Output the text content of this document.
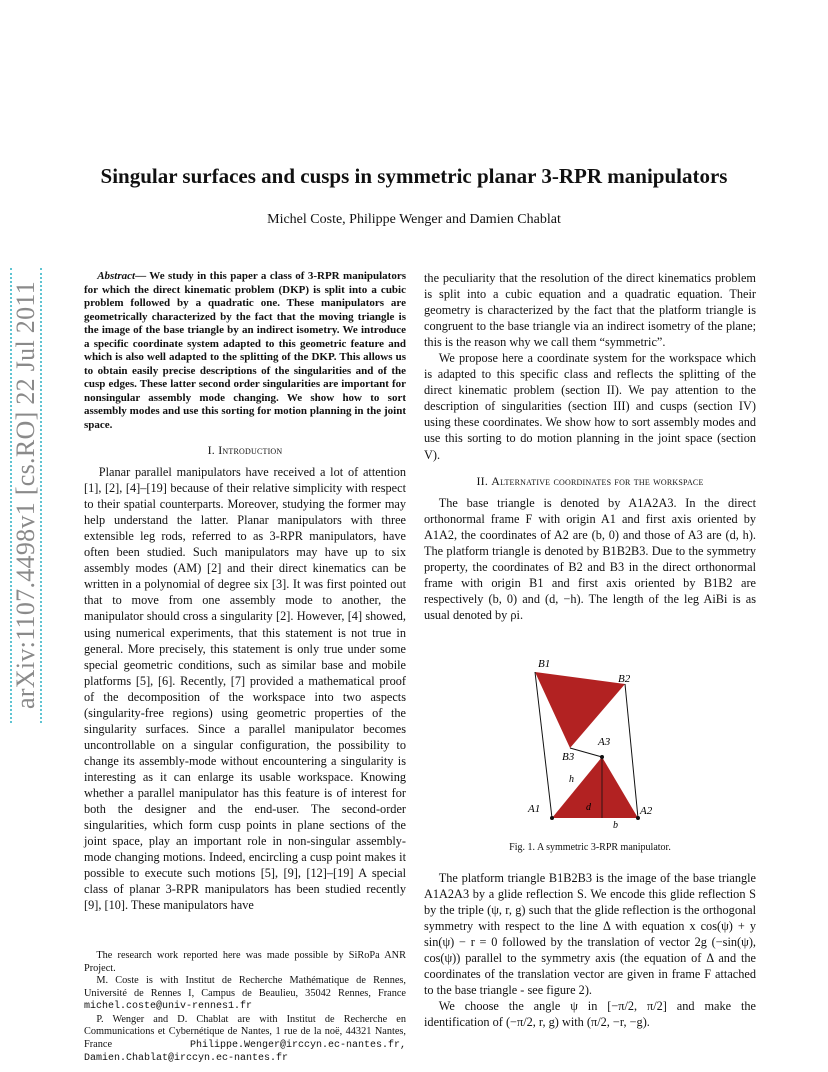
arXiv:1107.4498v1 [cs.RO] 22 Jul 2011
Singular surfaces and cusps in symmetric planar 3-RPR manipulators
Michel Coste, Philippe Wenger and Damien Chablat

Abstract— We study in this paper a class of 3-RPR manipulators for which the direct kinematic problem (DKP) is split into a cubic problem followed by a quadratic one. These manipulators are geometrically characterized by the fact that the moving triangle is the image of the base triangle by an indirect isometry. We introduce a specific coordinate system adapted to this geometric feature and which is also well adapted to the splitting of the DKP. This allows us to obtain easily precise descriptions of the singularities and of the cusp edges. These latter second order singularities are important for nonsingular assembly mode changing. We show how to sort assembly modes and use this sorting for motion planning in the joint space.

I. Introduction

Planar parallel manipulators have received a lot of attention [1], [2], [4]–[19] because of their relative simplicity with respect to their spatial counterparts. Moreover, studying the former may help understand the latter. Planar manipulators with three extensible leg rods, referred to as 3-RPR manipulators, have often been studied. Such manipulators may have up to six assembly modes (AM) [2] and their direct kinematics can be written in a polynomial of degree six [3]. It was first pointed out that to move from one assembly mode to another, the manipulator should cross a singularity [2]. However, [4] showed, using numerical experiments, that this statement is not true in general. More precisely, this statement is only true under some special geometric conditions, such as similar base and mobile platforms [5], [6]. Recently, [7] provided a mathematical proof of the decomposition of the workspace into two aspects (singularity-free regions) using geometric properties of the singularity surfaces. Since a parallel manipulator becomes uncontrollable on a singular configuration, the possibility to change its assembly-mode without encountering a singularity is interesting as it can enlarge its usable workspace. Knowing whether a parallel manipulator has this feature is of interest for both the designer and the end-user. The second-order singularities, which form cusp points in plane sections of the joint space, play an important role in non-singular assembly-mode changing motions. Indeed, encircling a cusp point makes it possible to execute such motions [5], [9], [12]–[19] A special class of planar 3-RPR manipulators has been studied recently [9], [10]. These manipulators have

The research work reported here was made possible by SiRoPa ANR Project.

M. Coste is with Institut de Recherche Mathématique de Rennes, Université de Rennes I, Campus de Beaulieu, 35042 Rennes, France michel.coste@univ-rennes1.fr

P. Wenger and D. Chablat are with Institut de Recherche en Communications et Cybernétique de Nantes, 1 rue de la noë, 44321 Nantes, France	Philippe.Wenger@irccyn.ec-nantes.fr, Damien.Chablat@irccyn.ec-nantes.fr

the peculiarity that the resolution of the direct kinematics problem is split into a cubic equation and a quadratic equation. Their geometry is characterized by the fact that the platform triangle is congruent to the base triangle via an indirect isometry of the plane; this is the reason why we call them “symmetric”.

We propose here a coordinate system for the workspace which is adapted to this specific class and reflects the splitting of the direct kinematic problem (section II). We pay attention to the description of singularities (section III) and cusps (section IV) using these coordinates. We show how to sort assembly modes and use this sorting to do motion planning in the joint space (section V).

II. Alternative coordinates for the workspace

The base triangle is denoted by A1A2A3. In the direct orthonormal frame F with origin A1 and first axis oriented by A1A2, the coordinates of A2 are (b, 0) and those of A3 are (d, h). The platform triangle is denoted by B1B2B3. Due to the symmetry property, the coordinates of B2 and B3 in the direct orthonormal frame with origin B1 and first axis oriented by B1B2 are respectively (b, 0) and (d, −h). The length of the leg AiBi is as usual denoted by ρi.

B1
B2
B3
A3
A1	A2
h
d
b
Fig. 1. A symmetric 3-RPR manipulator.

The platform triangle B1B2B3 is the image of the base triangle A1A2A3 by a glide reflection S. We encode this glide reflection S by the triple (ψ, r, g) such that the glide reflection is the orthogonal symmetry with respect to the line Δ with equation x cos(ψ) + y sin(ψ) − r = 0 followed by the translation of vector 2g (−sin(ψ), cos(ψ)) parallel to the symmetry axis (the equation of Δ and the coordinates of the translation vector are given in frame F attached to the base triangle - see figure 2).

We choose the angle ψ in [−π/2, π/2] and make the identification of (−π/2, r, g) with (π/2, −r, −g).
